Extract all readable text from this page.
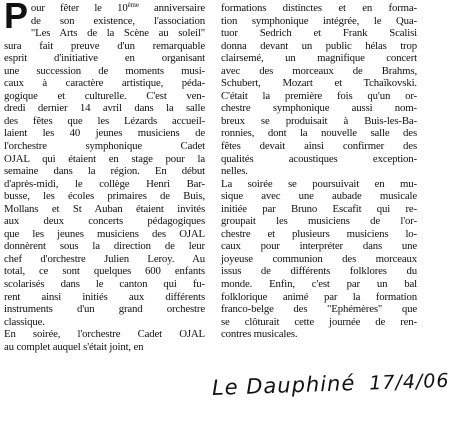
P our fêter le 10ème anniversaire
de son existence, l'association
"Les Arts de la Scène au soleil"
sura fait preuve d'un remarquable
esprit d'initiative en organisant
une succession de moments musi-
caux à caractère artistique, péda-
gogique et culturelle. C'est ven-
dredi dernier 14 avril dans la salle
des fêtes que les Lézards accueil-
laient les 40 jeunes musiciens de
l'orchestre symphonique Cadet
OJAL qui étaient en stage pour la
semaine dans la région. En début
d'après-midi, le collège Henri Bar-
busse, les écoles primaires de Buis,
Mollans et St Auban étaient invités
aux deux concerts pédagogiques
que les jeunes musiciens des OJAL
donnèrent sous la direction de leur
chef d'orchestre Julien Leroy. Au
total, ce sont quelques 600 enfants
scolarisés dans le canton qui fu-
rent ainsi initiés aux différents
instruments d'un grand orchestre
classique.
En soirée, l'orchestre Cadet OJAL
au complet auquel s'était joint, en
formations distinctes et en forma-
tion symphonique intégrée, le Qua-
tuor Sedrich et Frank Scalisi
donna devant un public hélas trop
clairsemé, un magnifique concert
avec des morceaux de Brahms,
Schubert, Mozart et Tchaïkovski.
C'était la première fois qu'un or-
chestre symphonique aussi nom-
breux se produisait à Buis-les-Ba-
ronnies, dont la nouvelle salle des
fêtes devait ainsi confirmer des
qualités acoustiques exception-
nelles.
La soirée se poursuivait en mu-
sique avec une aubade musicale
initiée par Bruno Escafit qui re-
groupait les musiciens de l'or-
chestre et plusieurs musiciens lo-
caux pour interpréter dans une
joyeuse communion des morceaux
issus de différents folklores du
monde. Enfin, c'est par un bal
folklorique animé par la formation
franco-belge des "Ephémères" que
se clôturait cette journée de ren-
contres musicales.
Le Dauphiné 17/4/06
